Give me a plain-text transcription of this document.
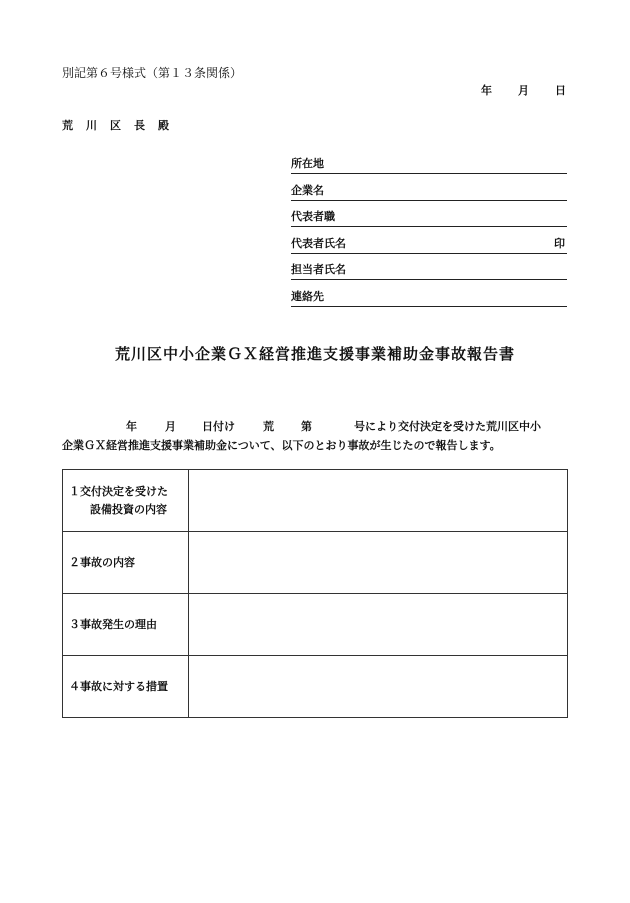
別記第６号様式（第１３条関係）
年 月 日
荒川区長殿
所在地
企業名
代表者職
代表者氏名	印
担当者氏名
連絡先
荒川区中小企業ＧＸ経営推進支援事業補助金事故報告書
年	月 日付け	荒 第	号により交付決定を受けた荒川区中小
企業ＧＸ経営推進支援事業補助金について、以下のとおり事故が生じたので報告します。
１交付決定を受けた
設備投資の内容	

２事故の内容	

３事故発生の理由	

４事故に対する措置	
